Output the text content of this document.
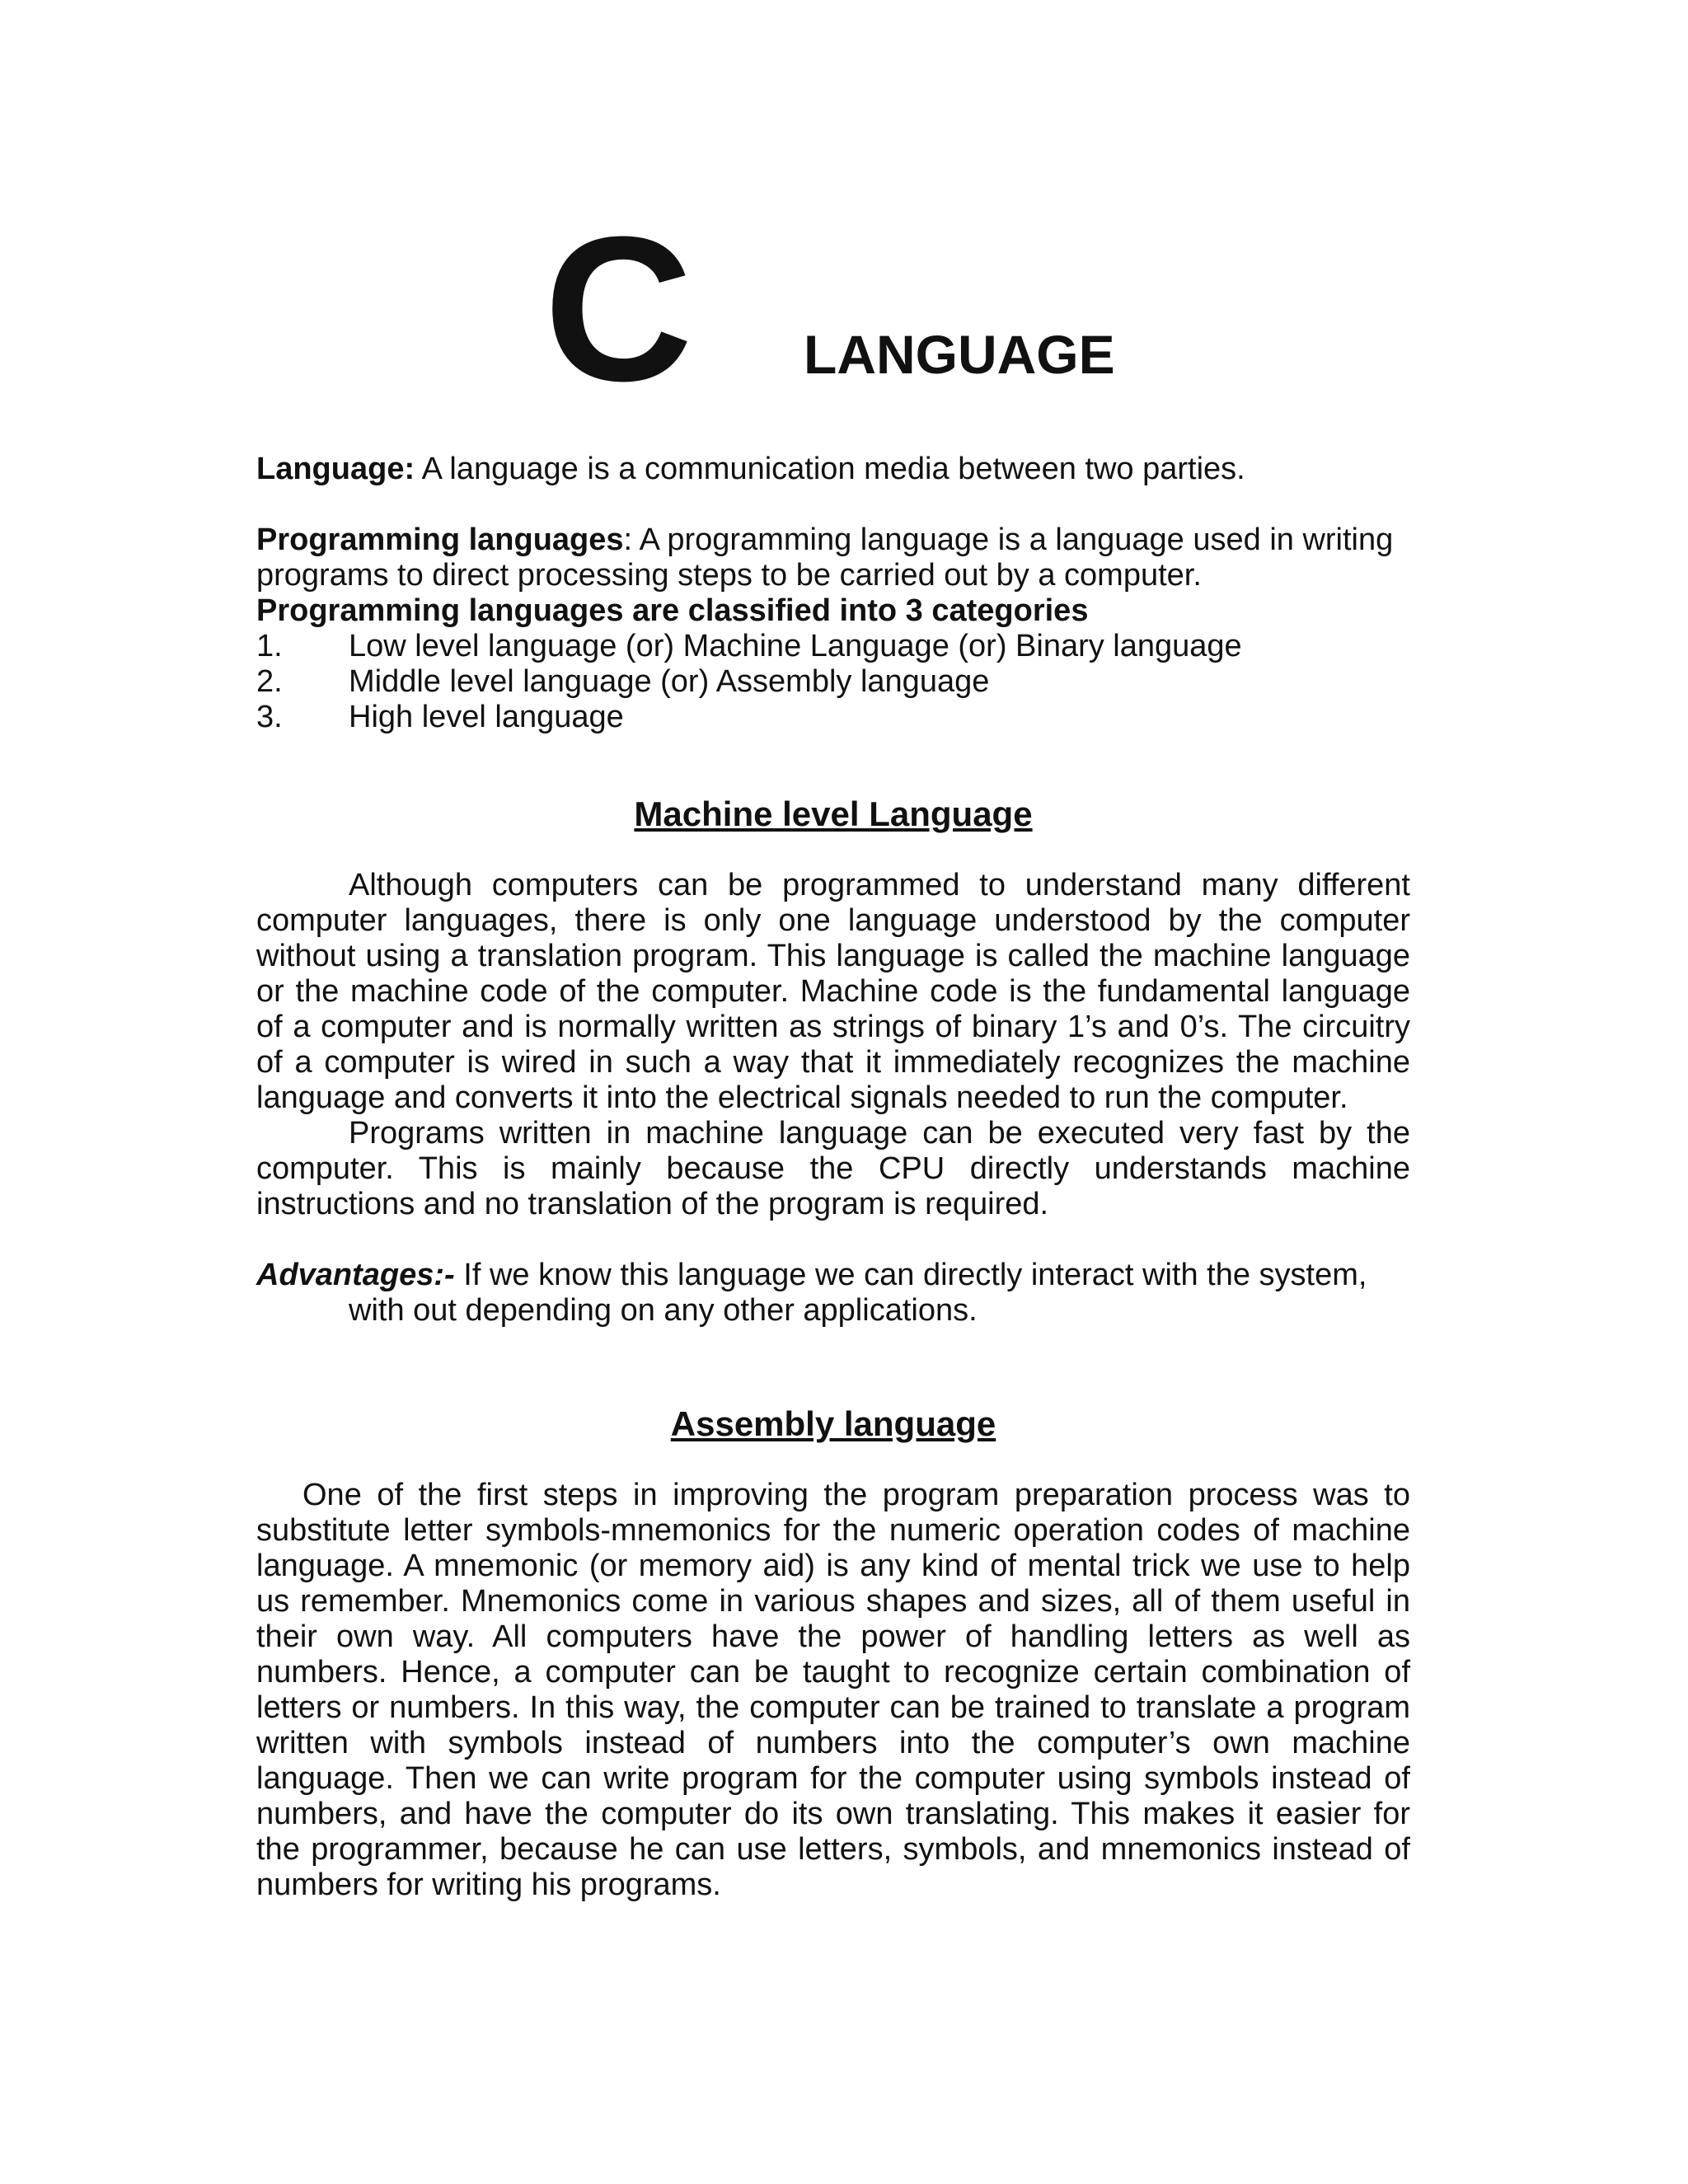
C LANGUAGE

Language: A language is a communication media between two parties.

Programming languages: A programming language is a language used in writing programs to direct processing steps to be carried out by a computer.

Programming languages are classified into 3 categories

1.	Low level language (or) Machine Language (or) Binary language

2.	Middle level language (or) Assembly language

3.	High level language

Machine level Language

Although computers can be programmed to understand many different computer languages, there is only one language understood by the computer without using a translation program. This language is called the machine language or the machine code of the computer. Machine code is the fundamental language of a computer and is normally written as strings of binary 1’s and 0’s. The circuitry of a computer is wired in such a way that it immediately recognizes the machine language and converts it into the electrical signals needed to run the computer.

Programs written in machine language can be executed very fast by the computer. This is mainly because the CPU directly understands machine instructions and no translation of the program is required.

Advantages:- If we know this language we can directly interact with the system, with out depending on any other applications.

Assembly language

One of the first steps in improving the program preparation process was to substitute letter symbols-mnemonics for the numeric operation codes of machine language. A mnemonic (or memory aid) is any kind of mental trick we use to help us remember. Mnemonics come in various shapes and sizes, all of them useful in their own way. All computers have the power of handling letters as well as numbers. Hence, a computer can be taught to recognize certain combination of letters or numbers. In this way, the computer can be trained to translate a program written with symbols instead of numbers into the computer’s own machine language. Then we can write program for the computer using symbols instead of numbers, and have the computer do its own translating. This makes it easier for the programmer, because he can use letters, symbols, and mnemonics instead of numbers for writing his programs.
